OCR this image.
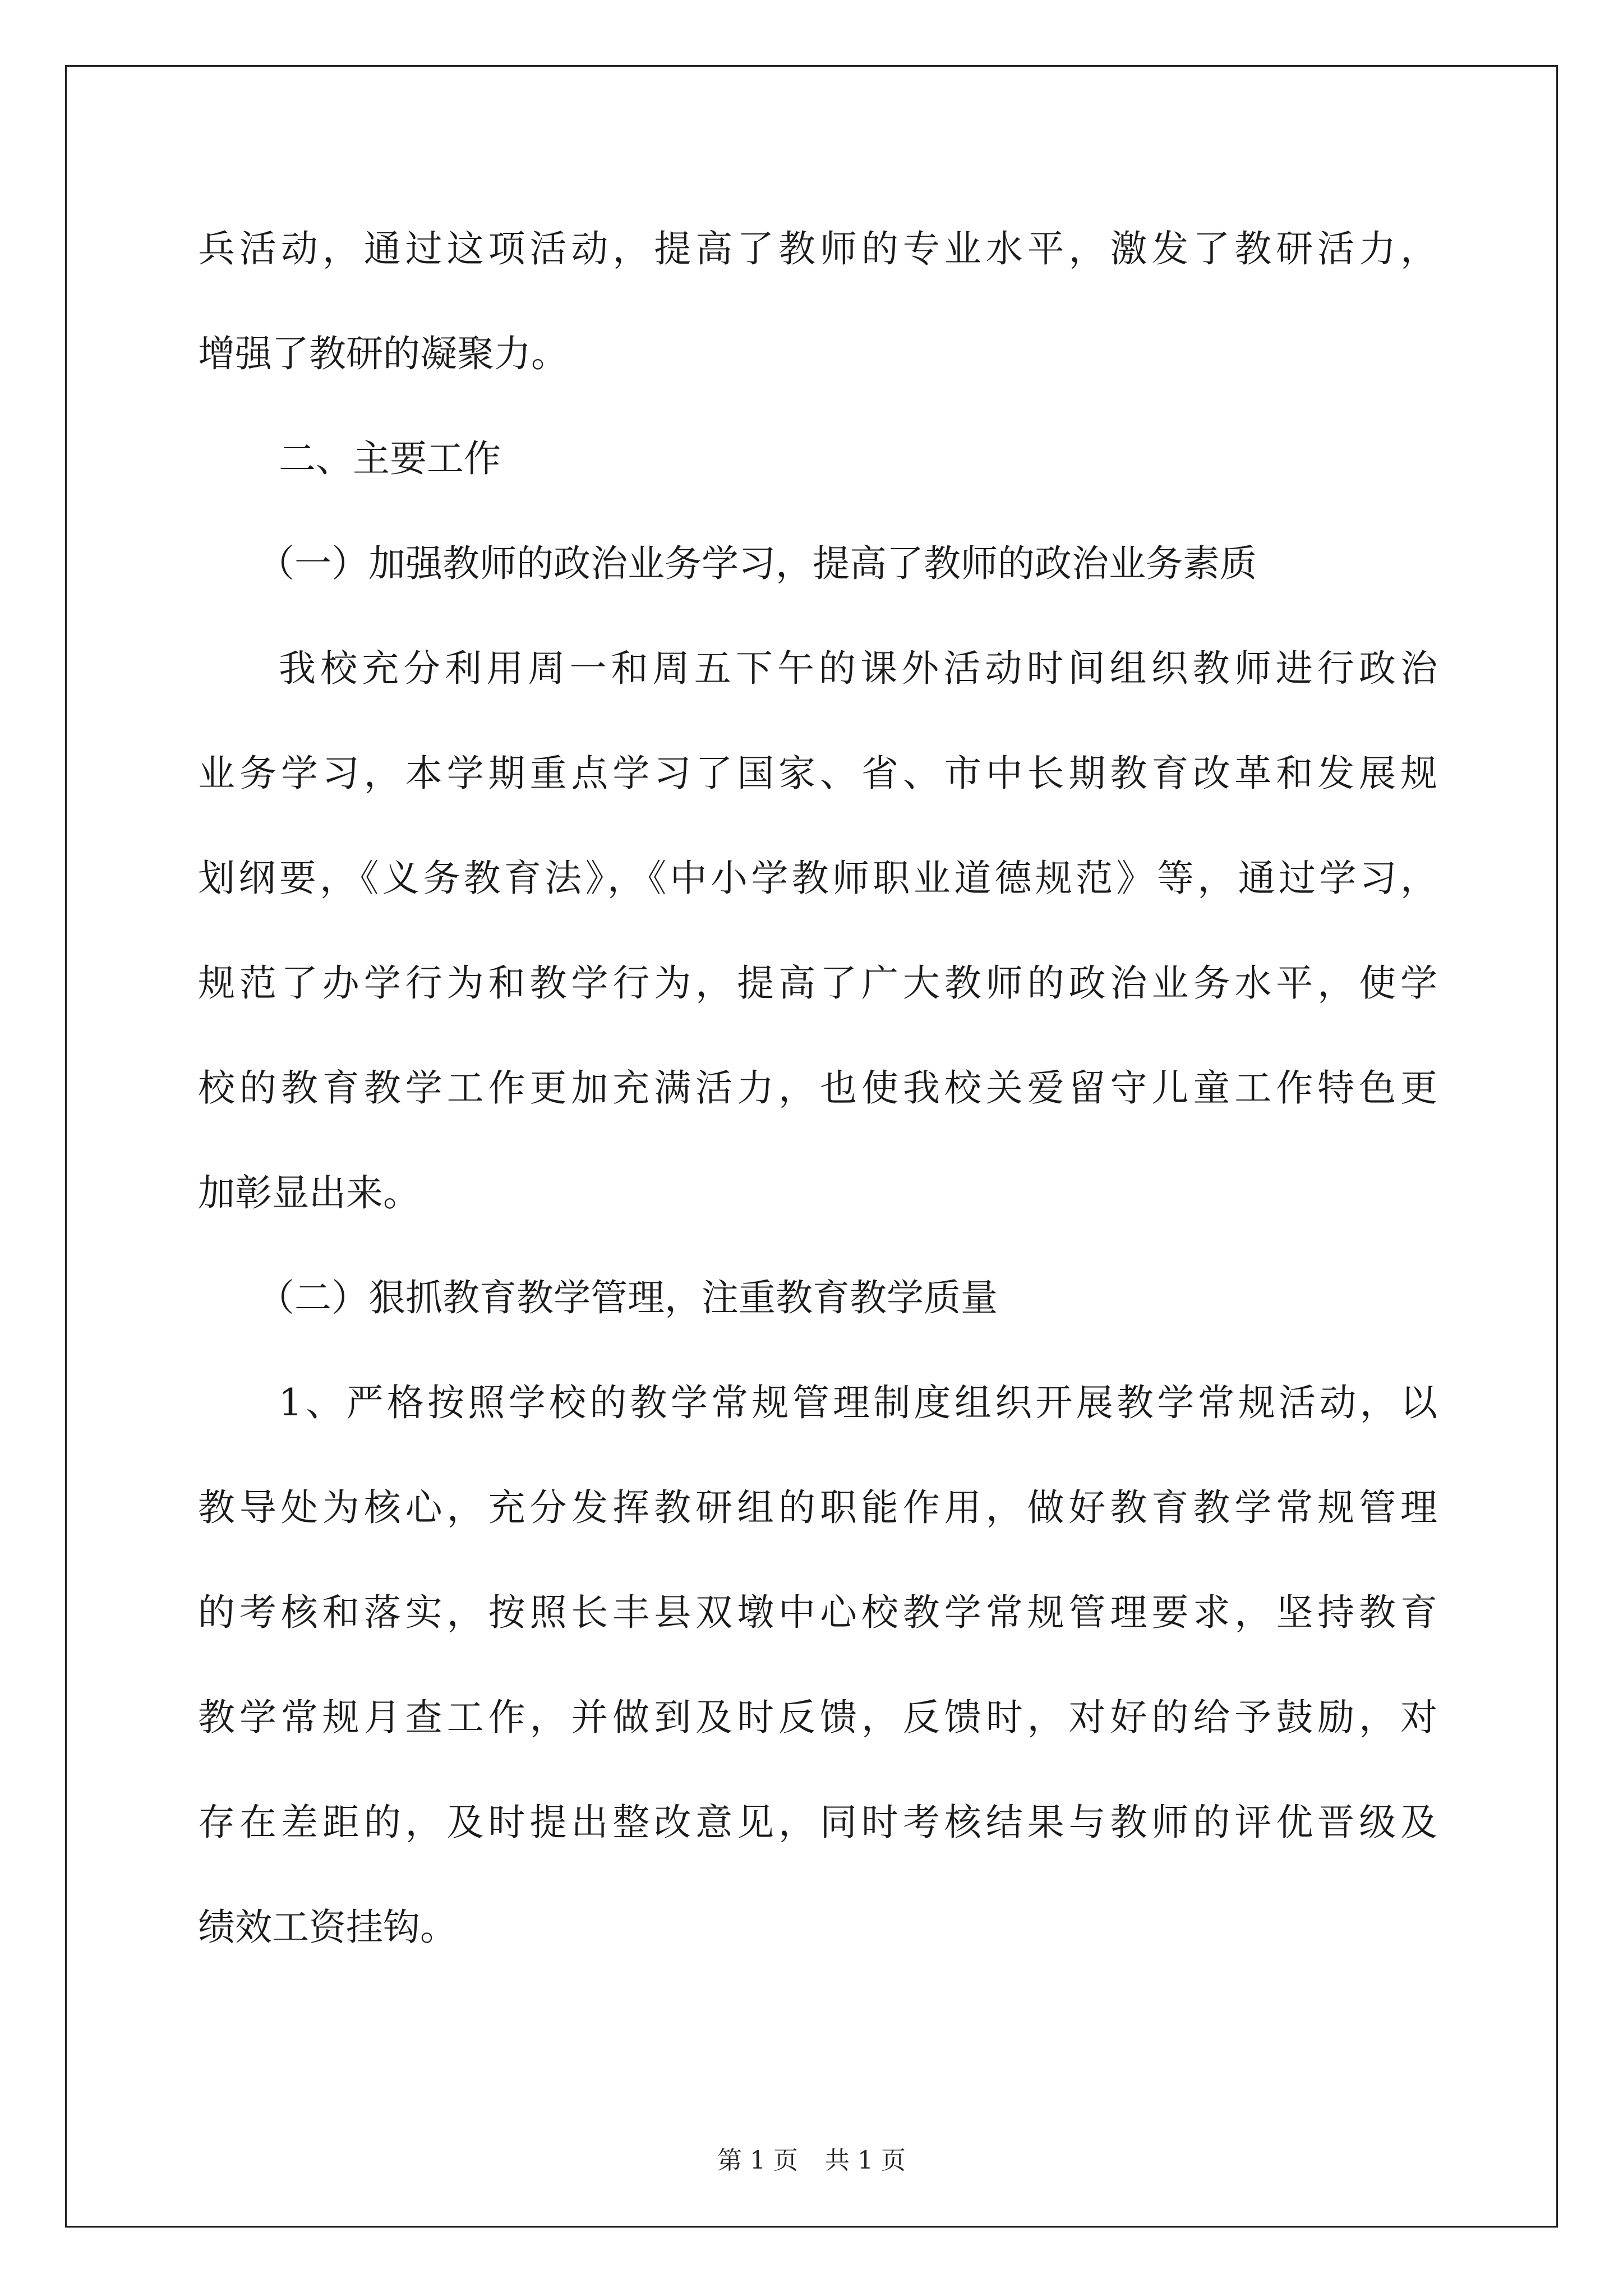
兵活动，通过这项活动，提高了教师的专业水平，激发了教研活力，
增强了教研的凝聚力。
二、主要工作
（一）加强教师的政治业务学习，提高了教师的政治业务素质
我校充分利用周一和周五下午的课外活动时间组织教师进行政治
业务学习，本学期重点学习了国家、省、市中长期教育改革和发展规
划纲要，《义务教育法》，《中小学教师职业道德规范》等，通过学习，
规范了办学行为和教学行为，提高了广大教师的政治业务水平，使学
校的教育教学工作更加充满活力，也使我校关爱留守儿童工作特色更
加彰显出来。
（二）狠抓教育教学管理，注重教育教学质量
1、严格按照学校的教学常规管理制度组织开展教学常规活动，以
教导处为核心，充分发挥教研组的职能作用，做好教育教学常规管理
的考核和落实，按照长丰县双墩中心校教学常规管理要求，坚持教育
教学常规月查工作，并做到及时反馈，反馈时，对好的给予鼓励，对
存在差距的，及时提出整改意见，同时考核结果与教师的评优晋级及
绩效工资挂钩。
第 1 页 共 1 页
